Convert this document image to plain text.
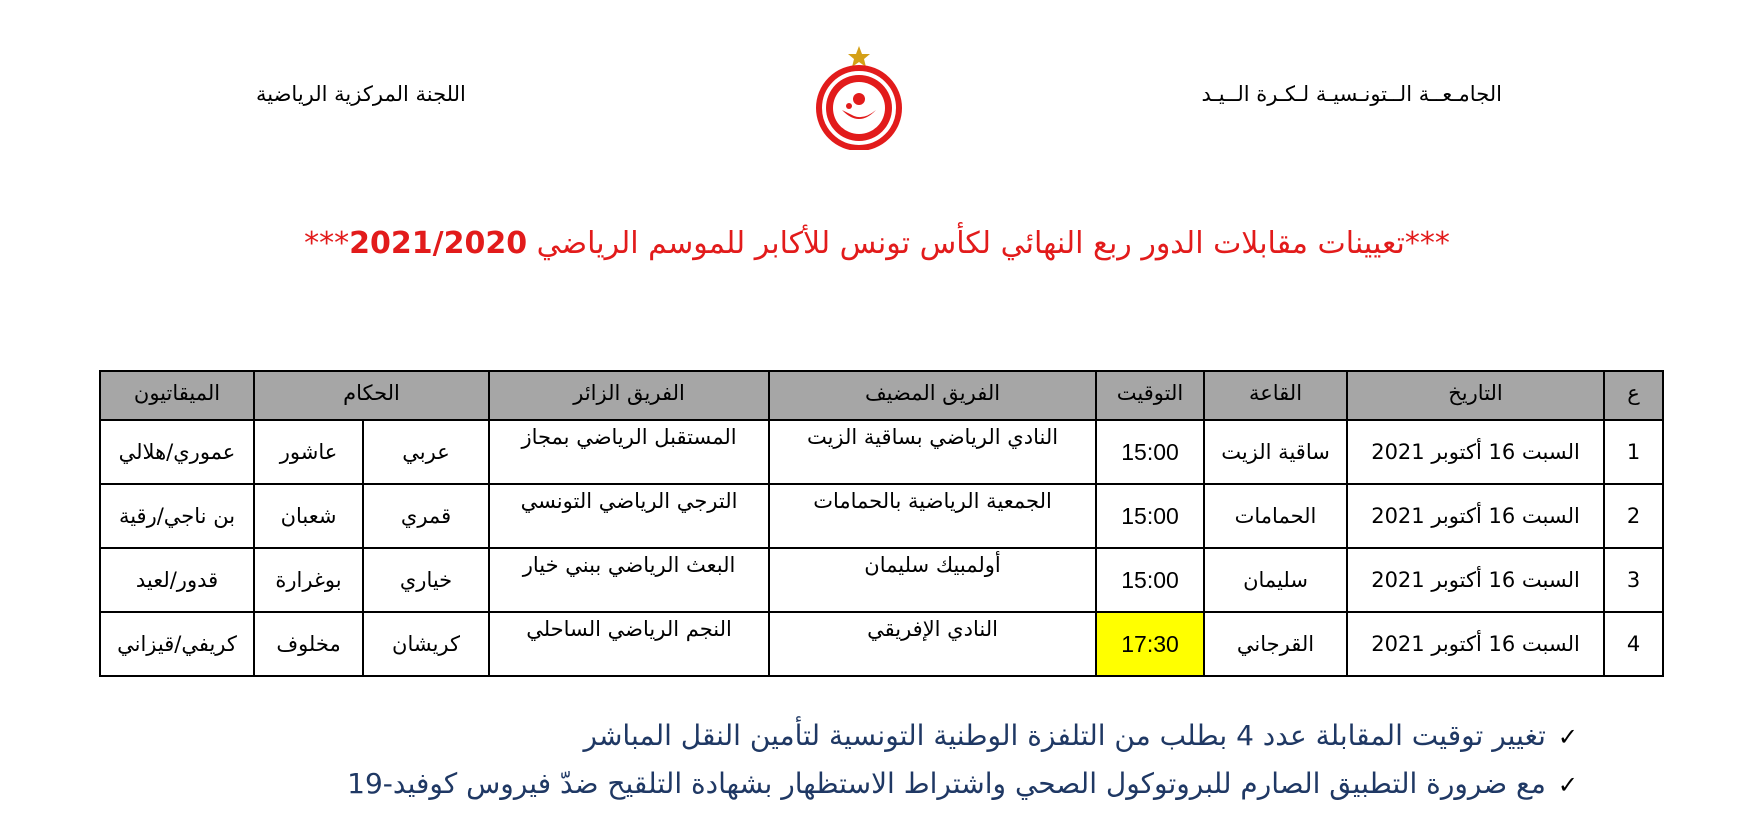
الجامـعــة الــتونـسيـة لـكـرة الــيـد
اللجنة المركزية الرياضية
***تعيينات مقابلات الدور ربع النهائي لكأس تونس للأكابر للموسم الرياضي 2021/2020***
ع	التاريخ	القاعة	التوقيت	الفريق المضيف	الفريق الزائر	الحكام		الميقاتيون
1	السبت 16 أكتوبر 2021	ساقية الزيت	15:00	النادي الرياضي بساقية الزيت	المستقبل الرياضي بمجاز	عربي	عاشور	عموري/هلالي
2	السبت 16 أكتوبر 2021	الحمامات	15:00	الجمعية الرياضية بالحمامات	الترجي الرياضي التونسي	قمري	شعبان	بن ناجي/رقية
3	السبت 16 أكتوبر 2021	سليمان	15:00	أولمبيك سليمان	البعث الرياضي ببني خيار	خياري	بوغرارة	قدور/لعيد
4	السبت 16 أكتوبر 2021	القرجاني	17:30	النادي الإفريقي	النجم الرياضي الساحلي	كريشان	مخلوف	كريفي/قيزاني
✓تغيير توقيت المقابلة عدد 4 بطلب من التلفزة الوطنية التونسية لتأمين النقل المباشر
✓مع ضرورة التطبيق الصارم للبروتوكول الصحي واشتراط الاستظهار بشهادة التلقيح ضدّ فيروس كوفيد-19
